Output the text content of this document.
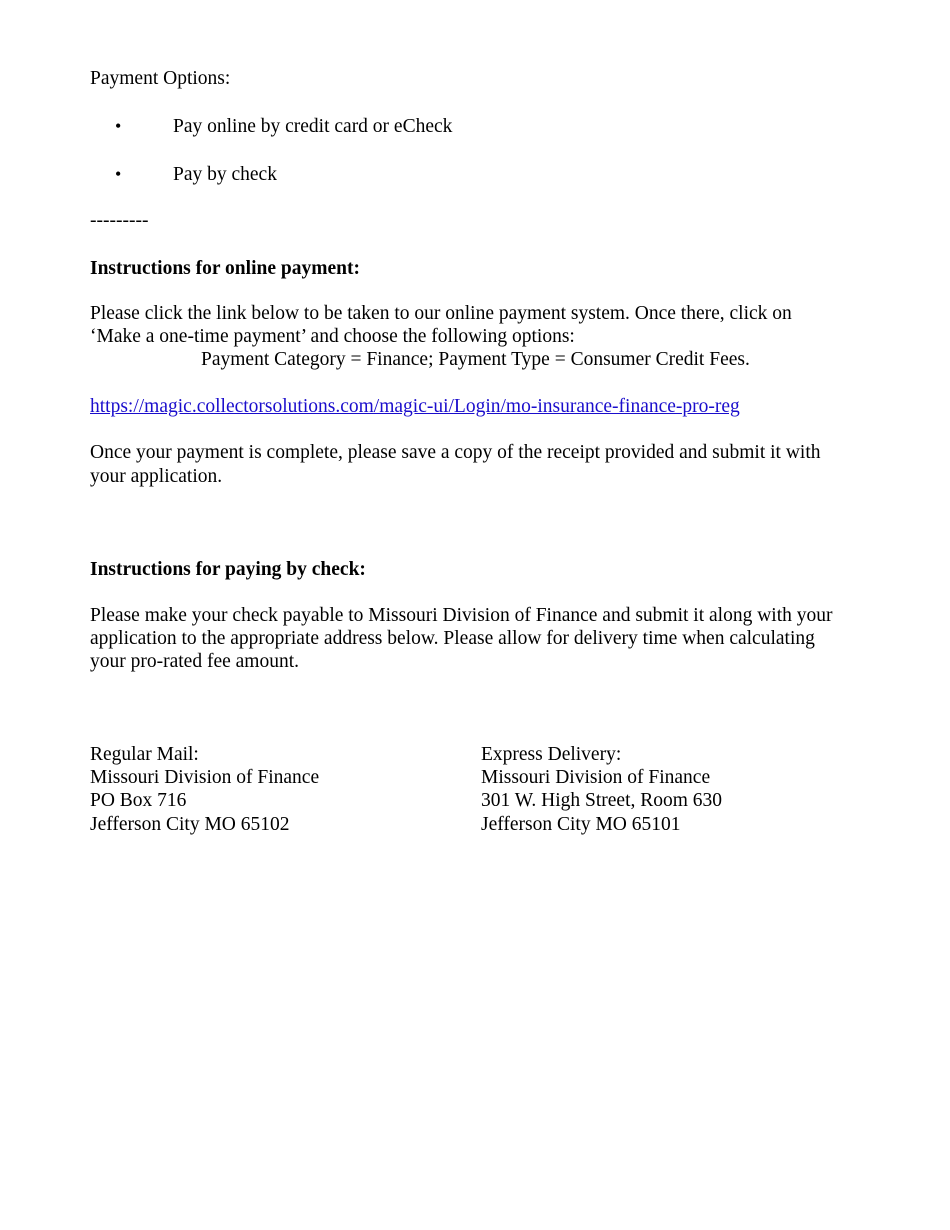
Payment Options:
•	Pay online by credit card or eCheck
•	Pay by check
---------
Instructions for online payment:
Please click the link below to be taken to our online payment system. Once there, click on
‘Make a one-time payment’ and choose the following options:
Payment Category = Finance; Payment Type = Consumer Credit Fees.
https://magic.collectorsolutions.com/magic-ui/Login/mo-insurance-finance-pro-reg
Once your payment is complete, please save a copy of the receipt provided and submit it with
your application.
Instructions for paying by check:
Please make your check payable to Missouri Division of Finance and submit it along with your
application to the appropriate address below. Please allow for delivery time when calculating
your pro-rated fee amount.
Regular Mail:
Missouri Division of Finance
PO Box 716
Jefferson City MO 65102
Express Delivery:
Missouri Division of Finance
301 W. High Street, Room 630
Jefferson City MO 65101
